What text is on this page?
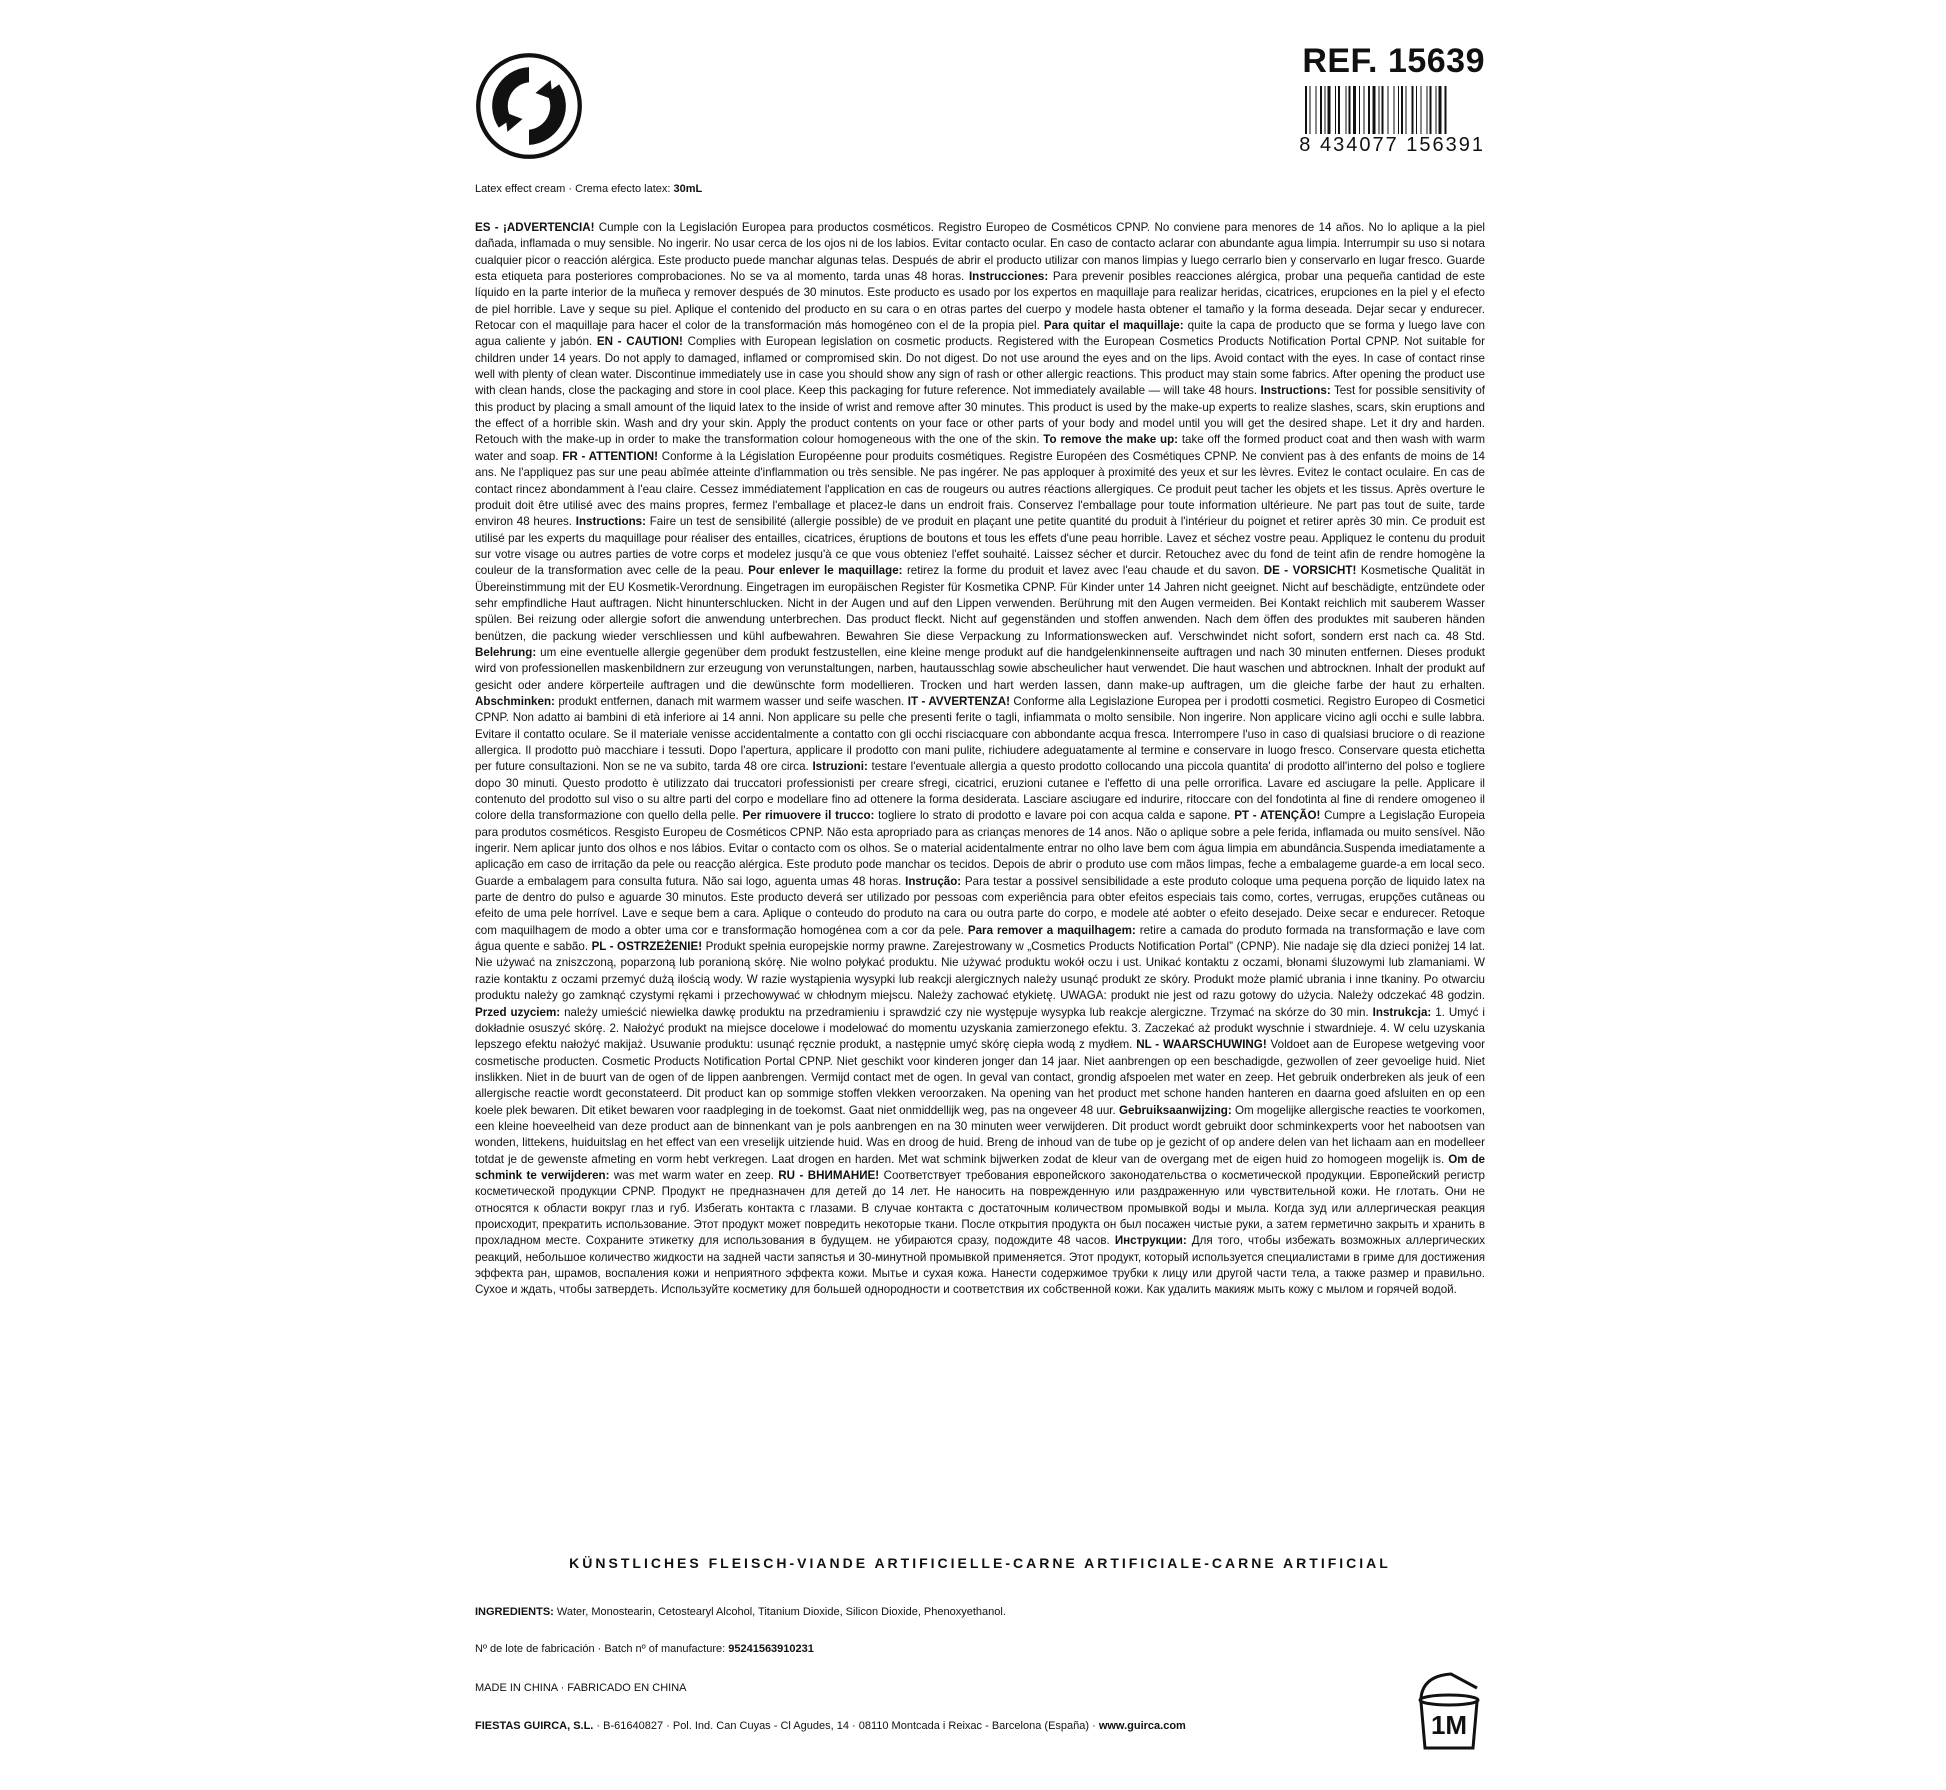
REF. 15639
8 434077 156391
Latex effect cream · Crema efecto latex: 30mL
ES - ¡ADVERTENCIA! Cumple con la Legislación Europea para productos cosméticos. Registro Europeo de Cosméticos CPNP. No conviene para menores de 14 años. No lo aplique a la piel dañada, inflamada o muy sensible. No ingerir. No usar cerca de los ojos ni de los labios. Evitar contacto ocular. En caso de contacto aclarar con abundante agua limpia. Interrumpir su uso si notara cualquier picor o reacción alérgica. Este producto puede manchar algunas telas. Después de abrir el producto utilizar con manos limpias y luego cerrarlo bien y conservarlo en lugar fresco. Guarde esta etiqueta para posteriores comprobaciones. No se va al momento, tarda unas 48 horas. Instrucciones: Para prevenir posibles reacciones alérgica, probar una pequeña cantidad de este líquido en la parte interior de la muñeca y remover después de 30 minutos. Este producto es usado por los expertos en maquillaje para realizar heridas, cicatrices, erupciones en la piel y el efecto de piel horrible. Lave y seque su piel. Aplique el contenido del producto en su cara o en otras partes del cuerpo y modele hasta obtener el tamaño y la forma deseada. Dejar secar y endurecer. Retocar con el maquillaje para hacer el color de la transformación más homogéneo con el de la propia piel. Para quitar el maquillaje: quite la capa de producto que se forma y luego lave con agua caliente y jabón. EN - CAUTION! Complies with European legislation on cosmetic products. Registered with the European Cosmetics Products Notification Portal CPNP. Not suitable for children under 14 years. Do not apply to damaged, inflamed or compromised skin. Do not digest. Do not use around the eyes and on the lips. Avoid contact with the eyes. In case of contact rinse well with plenty of clean water. Discontinue immediately use in case you should show any sign of rash or other allergic reactions. This product may stain some fabrics. After opening the product use with clean hands, close the packaging and store in cool place. Keep this packaging for future reference. Not immediately available — will take 48 hours. Instructions: Test for possible sensitivity of this product by placing a small amount of the liquid latex to the inside of wrist and remove after 30 minutes. This product is used by the make-up experts to realize slashes, scars, skin eruptions and the effect of a horrible skin. Wash and dry your skin. Apply the product contents on your face or other parts of your body and model until you will get the desired shape. Let it dry and harden. Retouch with the make-up in order to make the transformation colour homogeneous with the one of the skin. To remove the make up: take off the formed product coat and then wash with warm water and soap. FR - ATTENTION! Conforme à la Législation Européenne pour produits cosmétiques. Registre Européen des Cosmétiques CPNP. Ne convient pas à des enfants de moins de 14 ans. Ne l'appliquez pas sur une peau abîmée atteinte d'inflammation ou très sensible. Ne pas ingérer. Ne pas apploquer à proximité des yeux et sur les lèvres. Evitez le contact oculaire. En cas de contact rincez abondamment à l'eau claire. Cessez immédiatement l'application en cas de rougeurs ou autres réactions allergiques. Ce produit peut tacher les objets et les tissus. Après overture le produit doit être utilisé avec des mains propres, fermez l'emballage et placez-le dans un endroit frais. Conservez l'emballage pour toute information ultérieure. Ne part pas tout de suite, tarde environ 48 heures. Instructions: Faire un test de sensibilité (allergie possible) de ve produit en plaçant une petite quantité du produit à l'intérieur du poignet et retirer après 30 min. Ce produit est utilisé par les experts du maquillage pour réaliser des entailles, cicatrices, éruptions de boutons et tous les effets d'une peau horrible. Lavez et séchez vostre peau. Appliquez le contenu du produit sur votre visage ou autres parties de votre corps et modelez jusqu'à ce que vous obteniez l'effet souhaité. Laissez sécher et durcir. Retouchez avec du fond de teint afin de rendre homogène la couleur de la transformation avec celle de la peau. Pour enlever le maquillage: retirez la forme du produit et lavez avec l'eau chaude et du savon. DE - VORSICHT! Kosmetische Qualität in Übereinstimmung mit der EU Kosmetik-Verordnung. Eingetragen im europäischen Register für Kosmetika CPNP. Für Kinder unter 14 Jahren nicht geeignet. Nicht auf beschädigte, entzündete oder sehr empfindliche Haut auftragen. Nicht hinunterschlucken. Nicht in der Augen und auf den Lippen verwenden. Berührung mit den Augen vermeiden. Bei Kontakt reichlich mit sauberem Wasser spülen. Bei reizung oder allergie sofort die anwendung unterbrechen. Das product fleckt. Nicht auf gegenständen und stoffen anwenden. Nach dem öffen des produktes mit sauberen händen benützen, die packung wieder verschliessen und kühl aufbewahren. Bewahren Sie diese Verpackung zu Informationswecken auf. Verschwindet nicht sofort, sondern erst nach ca. 48 Std. Belehrung: um eine eventuelle allergie gegenüber dem produkt festzustellen, eine kleine menge produkt auf die handgelenkinnenseite auftragen und nach 30 minuten entfernen. Dieses produkt wird von professionellen maskenbildnern zur erzeugung von verunstaltungen, narben, hautausschlag sowie abscheulicher haut verwendet. Die haut waschen und abtrocknen. Inhalt der produkt auf gesicht oder andere körperteile auftragen und die dewünschte form modellieren. Trocken und hart werden lassen, dann make-up auftragen, um die gleiche farbe der haut zu erhalten. Abschminken: produkt entfernen, danach mit warmem wasser und seife waschen. IT - AVVERTENZA! Conforme alla Legislazione Europea per i prodotti cosmetici. Registro Europeo di Cosmetici CPNP. Non adatto ai bambini di età inferiore ai 14 anni. Non applicare su pelle che presenti ferite o tagli, infiammata o molto sensibile. Non ingerire. Non applicare vicino agli occhi e sulle labbra. Evitare il contatto oculare. Se il materiale venisse accidentalmente a contatto con gli occhi risciacquare con abbondante acqua fresca. Interrompere l'uso in caso di qualsiasi bruciore o di reazione allergica. Il prodotto può macchiare i tessuti. Dopo l'apertura, applicare il prodotto con mani pulite, richiudere adeguatamente al termine e conservare in luogo fresco. Conservare questa etichetta per future consultazioni. Non se ne va subito, tarda 48 ore circa. Istruzioni: testare l'eventuale allergia a questo prodotto collocando una piccola quantita' di prodotto all'interno del polso e togliere dopo 30 minuti. Questo prodotto è utilizzato dai truccatori professionisti per creare sfregi, cicatrici, eruzioni cutanee e l'effetto di una pelle orrorifica. Lavare ed asciugare la pelle. Applicare il contenuto del prodotto sul viso o su altre parti del corpo e modellare fino ad ottenere la forma desiderata. Lasciare asciugare ed indurire, ritoccare con del fondotinta al fine di rendere omogeneo il colore della transformazione con quello della pelle. Per rimuovere il trucco: togliere lo strato di prodotto e lavare poi con acqua calda e sapone. PT - ATENÇÃO! Cumpre a Legislação Europeia para produtos cosméticos. Resgisto Europeu de Cosméticos CPNP. Não esta apropriado para as crianças menores de 14 anos. Não o aplique sobre a pele ferida, inflamada ou muito sensível. Não ingerir. Nem aplicar junto dos olhos e nos lábios. Evitar o contacto com os olhos. Se o material acidentalmente entrar no olho lave bem com água limpia em abundância.Suspenda imediatamente a aplicação em caso de irritação da pele ou reacção alérgica. Este produto pode manchar os tecidos. Depois de abrir o produto use com mãos limpas, feche a embalageme guarde-a em local seco. Guarde a embalagem para consulta futura. Não sai logo, aguenta umas 48 horas. Instrução: Para testar a possivel sensibilidade a este produto coloque uma pequena porção de liquido latex na parte de dentro do pulso e aguarde 30 minutos. Este producto deverá ser utilizado por pessoas com experiência para obter efeitos especiais tais como, cortes, verrugas, erupções cutâneas ou efeito de uma pele horrível. Lave e seque bem a cara. Aplique o conteudo do produto na cara ou outra parte do corpo, e modele até aobter o efeito desejado. Deixe secar e endurecer. Retoque com maquilhagem de modo a obter uma cor e transformação homogénea com a cor da pele. Para remover a maquilhagem: retire a camada do produto formada na transformação e lave com água quente e sabão. PL - OSTRZEŻENIE! Produkt spełnia europejskie normy prawne. Zarejestrowany w „Cosmetics Products Notification Portal” (CPNP). Nie nadaje się dla dzieci poniżej 14 lat. Nie używać na zniszczoną, poparzoną lub poranioną skórę. Nie wolno połykać produktu. Nie używać produktu wokół oczu i ust. Unikać kontaktu z oczami, błonami śluzowymi lub zlamaniami. W razie kontaktu z oczami przemyć dużą ilością wody. W razie wystąpienia wysypki lub reakcji alergicznych należy usunąć produkt ze skóry. Produkt może plamić ubrania i inne tkaniny. Po otwarciu produktu należy go zamknąć czystymi rękami i przechowywać w chłodnym miejscu. Należy zachować etykietę. UWAGA: produkt nie jest od razu gotowy do użycia. Należy odczekać 48 godzin. Przed uzyciem: należy umieścić niewielka dawkę produktu na przedramieniu i sprawdzić czy nie występuje wysypka lub reakcje alergiczne. Trzymać na skórze do 30 min. Instrukcja: 1. Umyć i dokładnie osuszyć skórę. 2. Nałożyć produkt na miejsce docelowe i modelować do momentu uzyskania zamierzonego efektu. 3. Zaczekać aż produkt wyschnie i stwardnieje. 4. W celu uzyskania lepszego efektu nałożyć makijaż. Usuwanie produktu: usunąć ręcznie produkt, a następnie umyć skórę ciepła wodą z mydłem. NL - WAARSCHUWING! Voldoet aan de Europese wetgeving voor cosmetische producten. Cosmetic Products Notification Portal CPNP. Niet geschikt voor kinderen jonger dan 14 jaar. Niet aanbrengen op een beschadigde, gezwollen of zeer gevoelige huid. Niet inslikken. Niet in de buurt van de ogen of de lippen aanbrengen. Vermijd contact met de ogen. In geval van contact, grondig afspoelen met water en zeep. Het gebruik onderbreken als jeuk of een allergische reactie wordt geconstateerd. Dit product kan op sommige stoffen vlekken veroorzaken. Na opening van het product met schone handen hanteren en daarna goed afsluiten en op een koele plek bewaren. Dit etiket bewaren voor raadpleging in de toekomst. Gaat niet onmiddellijk weg, pas na ongeveer 48 uur. Gebruiksaanwijzing: Om mogelijke allergische reacties te voorkomen, een kleine hoeveelheid van deze product aan de binnenkant van je pols aanbrengen en na 30 minuten weer verwijderen. Dit product wordt gebruikt door schminkexperts voor het nabootsen van wonden, littekens, huiduitslag en het effect van een vreselijk uitziende huid. Was en droog de huid. Breng de inhoud van de tube op je gezicht of op andere delen van het lichaam aan en modelleer totdat je de gewenste afmeting en vorm hebt verkregen. Laat drogen en harden. Met wat schmink bijwerken zodat de kleur van de overgang met de eigen huid zo homogeen mogelijk is. Om de schmink te verwijderen: was met warm water en zeep. RU - ВНИМАНИЕ! Соответствует требования европейского законодательства о косметической продукции. Европейский регистр косметической продукции CPNP. Продукт не предназначен для детей до 14 лет. Не наносить на поврежденную или раздраженную или чувствительной кожи. Не глотать. Они не относятся к области вокруг глаз и губ. Избегать контакта с глазами. В случае контакта с достаточным количеством промывкой воды и мыла. Когда зуд или аллергическая реакция происходит, прекратить использование. Этот продукт может повредить некоторые ткани. После открытия продукта он был посажен чистые руки, а затем герметично закрыть и хранить в прохладном месте. Сохраните этикетку для использования в будущем. не убираются сразу, подождите 48 часов. Инструкции: Для того, чтобы избежать возможных аллергических реакций, небольшое количество жидкости на задней части запястья и 30-минутной промывкой применяется. Этот продукт, который используется специалистами в гриме для достижения эффекта ран, шрамов, воспаления кожи и неприятного эффекта кожи. Мытье и сухая кожа. Нанести содержимое трубки к лицу или другой части тела, а также размер и правильно. Сухое и ждать, чтобы затвердеть. Используйте косметику для большей однородности и соответствия их собственной кожи. Как удалить макияж мыть кожу с мылом и горячей водой.
KÜNSTLICHES FLEISCH-VIANDE ARTIFICIELLE-CARNE ARTIFICIALE-CARNE ARTIFICIAL
INGREDIENTS: Water, Monostearin, Cetostearyl Alcohol, Titanium Dioxide, Silicon Dioxide, Phenoxyethanol.
Nº de lote de fabricación · Batch nº of manufacture: 95241563910231
MADE IN CHINA · FABRICADO EN CHINA
FIESTAS GUIRCA, S.L. · B-61640827 · Pol. Ind. Can Cuyas - Cl Agudes, 14 · 08110 Montcada i Reixac - Barcelona (España) · www.guirca.com	1M
